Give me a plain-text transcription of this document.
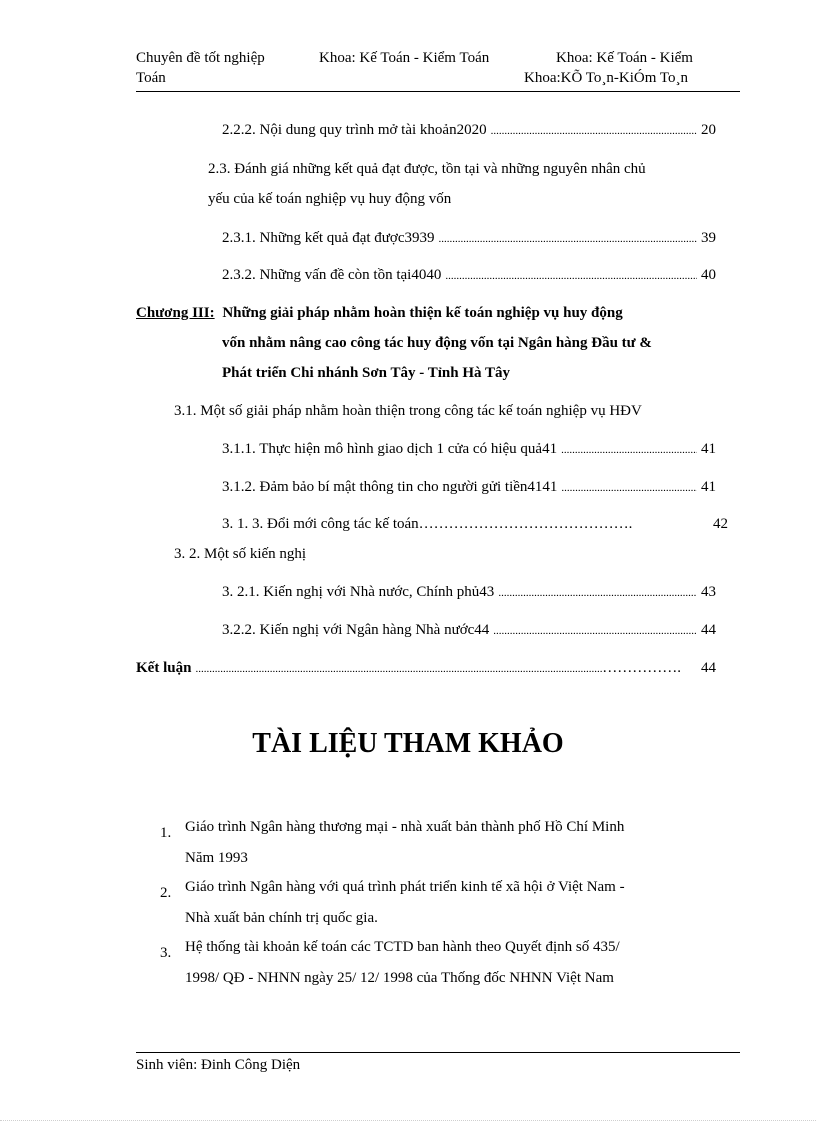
Chuyên đề tốt nghiệp	Khoa: Kế Toán - Kiểm Toán	Khoa: Kế Toán - Kiểm
Toán	Khoa:KÕ To¸n-KiÓm To¸n
2.2.2. Nội dung quy trình mở tài khoản2020 .....	20
2.3. Đánh giá những kết quả đạt được, tồn tại và những nguyên nhân chủ
yếu của kế toán nghiệp vụ huy động vốn
2.3.1. Những kết quả đạt được3939 .....	39
2.3.2. Những vấn đề còn tồn tại4040 .....	40
Chương III: Những giải pháp nhằm hoàn thiện kế toán nghiệp vụ huy động
vốn nhằm nâng cao công tác huy động vốn tại Ngân hàng Đầu tư &
Phát triển Chi nhánh Sơn Tây - Tỉnh Hà Tây
3.1. Một số giải pháp nhằm hoàn thiện trong công tác kế toán nghiệp vụ HĐV
3.1.1. Thực hiện mô hình giao dịch 1 cửa có hiệu quả41 .....	41
3.1.2. Đảm bảo bí mật thông tin cho người gửi tiền4141 .....	41
3. 1. 3. Đổi mới công tác kế toán…………………………………….	42
3. 2. Một số kiến nghị
3. 2.1. Kiến nghị với Nhà nước, Chính phủ43 .....	43
3.2.2. Kiến nghị với Ngân hàng Nhà nước44 .....	44
Kết luận .....	……………. 44
TÀI LIỆU THAM KHẢO
1. Giáo trình Ngân hàng thương mại - nhà xuất bản thành phố Hồ Chí Minh
Năm 1993
2. Giáo trình Ngân hàng với quá trình phát triển kinh tế xã hội ở Việt Nam -
Nhà xuất bản chính trị quốc gia.
3. Hệ thống tài khoản kế toán các TCTD ban hành theo Quyết định số 435/
1998/ QĐ - NHNN ngày 25/ 12/ 1998 của Thống đốc NHNN Việt Nam
Sinh viên: Đinh Công Diện
